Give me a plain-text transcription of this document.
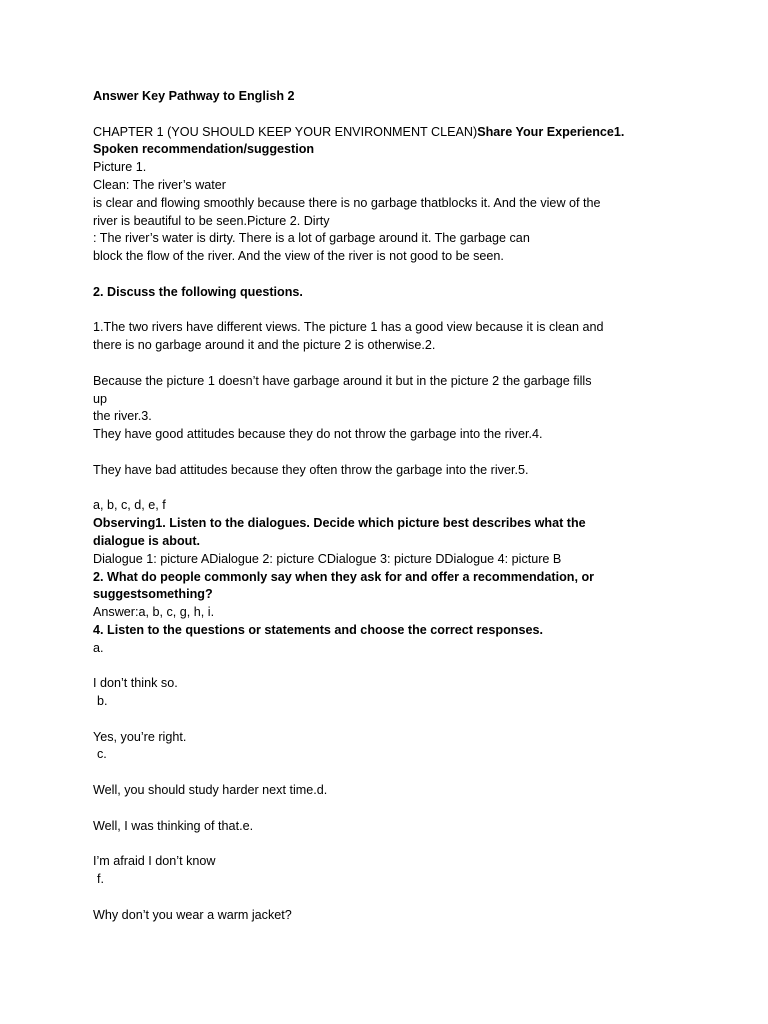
Answer Key Pathway to English 2
CHAPTER 1 (YOU SHOULD KEEP YOUR ENVIRONMENT CLEAN)Share Your Experience1.
Spoken recommendation/suggestion
Picture 1.
Clean: The river’s water
is clear and flowing smoothly because there is no garbage thatblocks it. And the view of the
river is beautiful to be seen.Picture 2. Dirty
: The river’s water is dirty. There is a lot of garbage around it. The garbage can
block the flow of the river. And the view of the river is not good to be seen.
2. Discuss the following questions.
1.The two rivers have different views. The picture 1 has a good view because it is clean and
there is no garbage around it and the picture 2 is otherwise.2.
Because the picture 1 doesn’t have garbage around it but in the picture 2 the garbage fills
up
the river.3.
They have good attitudes because they do not throw the garbage into the river.4.
They have bad attitudes because they often throw the garbage into the river.5.
a, b, c, d, e, f
Observing1. Listen to the dialogues. Decide which picture best describes what the
dialogue is about.
Dialogue 1: picture ADialogue 2: picture CDialogue 3: picture DDialogue 4: picture B
2. What do people commonly say when they ask for and offer a recommendation, or
suggestsomething?
Answer:a, b, c, g, h, i.
4. Listen to the questions or statements and choose the correct responses.
a.
I don’t think so.
b.
Yes, you’re right.
c.
Well, you should study harder next time.d.
Well, I was thinking of that.e.
I’m afraid I don’t know
f.
Why don’t you wear a warm jacket?
